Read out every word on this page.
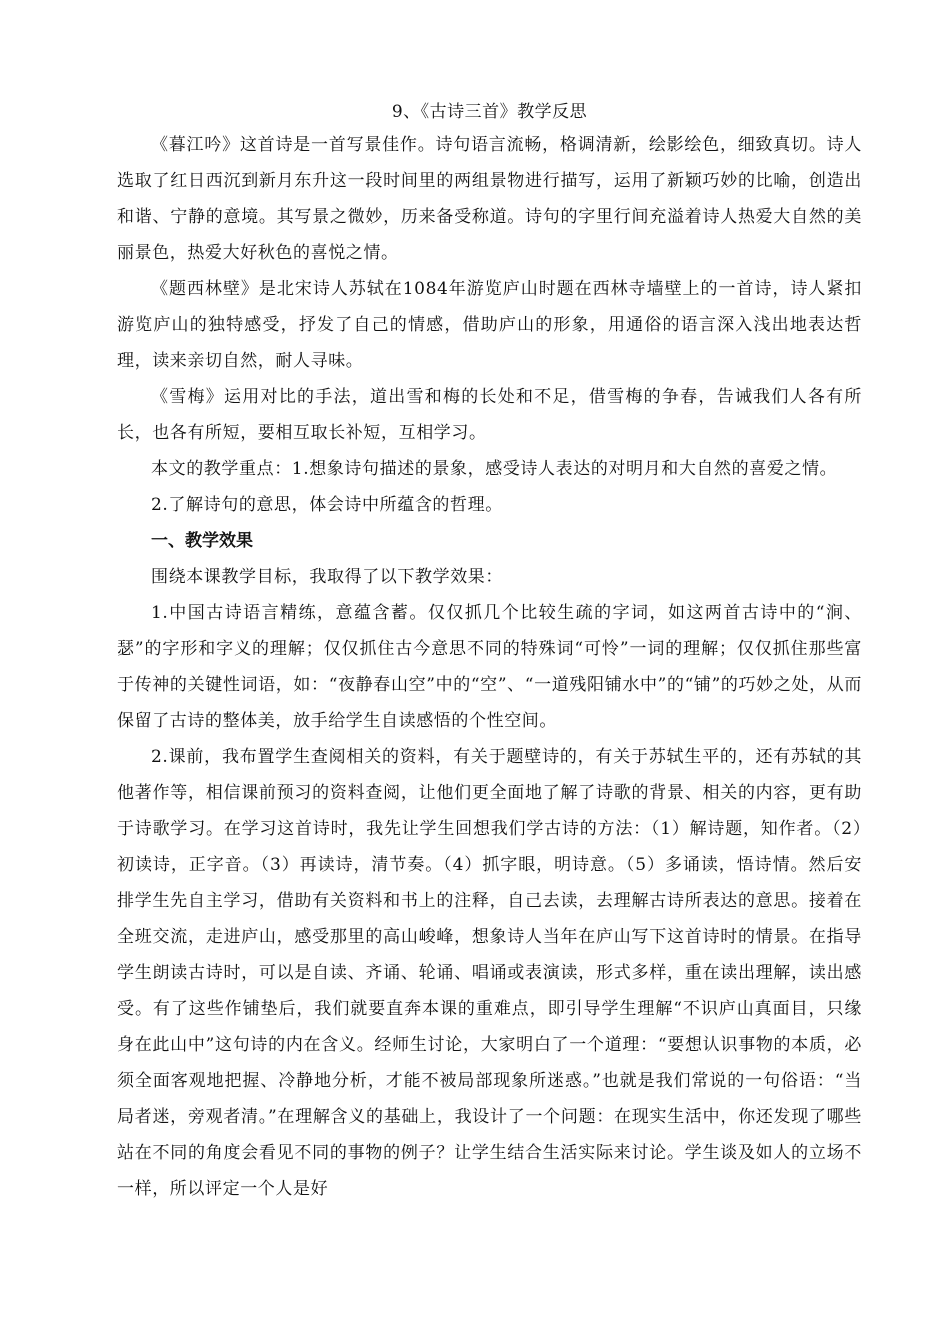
9、《古诗三首》教学反思

《暮江吟》这首诗是一首写景佳作。诗句语言流畅，格调清新，绘影绘色，细致真切。诗人选取了红日西沉到新月东升这一段时间里的两组景物进行描写，运用了新颖巧妙的比喻，创造出和谐、宁静的意境。其写景之微妙，历来备受称道。诗句的字里行间充溢着诗人热爱大自然的美丽景色，热爱大好秋色的喜悦之情。

《题西林壁》是北宋诗人苏轼在1084年游览庐山时题在西林寺墙壁上的一首诗，诗人紧扣游览庐山的独特感受，抒发了自己的情感，借助庐山的形象，用通俗的语言深入浅出地表达哲理，读来亲切自然，耐人寻味。

《雪梅》运用对比的手法，道出雪和梅的长处和不足，借雪梅的争春，告诫我们人各有所长，也各有所短，要相互取长补短，互相学习。

本文的教学重点：1.想象诗句描述的景象，感受诗人表达的对明月和大自然的喜爱之情。

2.了解诗句的意思，体会诗中所蕴含的哲理。

一、教学效果

围绕本课教学目标，我取得了以下教学效果：

1.中国古诗语言精练，意蕴含蓄。仅仅抓几个比较生疏的字词，如这两首古诗中的“涧、瑟”的字形和字义的理解；仅仅抓住古今意思不同的特殊词“可怜”一词的理解；仅仅抓住那些富于传神的关键性词语，如：“夜静春山空”中的“空”、“一道残阳铺水中”的“铺”的巧妙之处，从而保留了古诗的整体美，放手给学生自读感悟的个性空间。

2.课前，我布置学生查阅相关的资料，有关于题壁诗的，有关于苏轼生平的，还有苏轼的其他著作等，相信课前预习的资料查阅，让他们更全面地了解了诗歌的背景、相关的内容，更有助于诗歌学习。在学习这首诗时，我先让学生回想我们学古诗的方法：（1）解诗题，知作者。（2）初读诗，正字音。（3）再读诗，清节奏。（4）抓字眼，明诗意。（5）多诵读，悟诗情。然后安排学生先自主学习，借助有关资料和书上的注释，自己去读，去理解古诗所表达的意思。接着在全班交流，走进庐山，感受那里的高山峻峰，想象诗人当年在庐山写下这首诗时的情景。在指导学生朗读古诗时，可以是自读、齐诵、轮诵、唱诵或表演读，形式多样，重在读出理解，读出感受。有了这些作铺垫后，我们就要直奔本课的重难点，即引导学生理解“不识庐山真面目，只缘身在此山中”这句诗的内在含义。经师生讨论，大家明白了一个道理：“要想认识事物的本质，必须全面客观地把握、冷静地分析，才能不被局部现象所迷惑。”也就是我们常说的一句俗语：“当局者迷，旁观者清。”在理解含义的基础上，我设计了一个问题：在现实生活中，你还发现了哪些站在不同的角度会看见不同的事物的例子？让学生结合生活实际来讨论。学生谈及如人的立场不一样，所以评定一个人是好
